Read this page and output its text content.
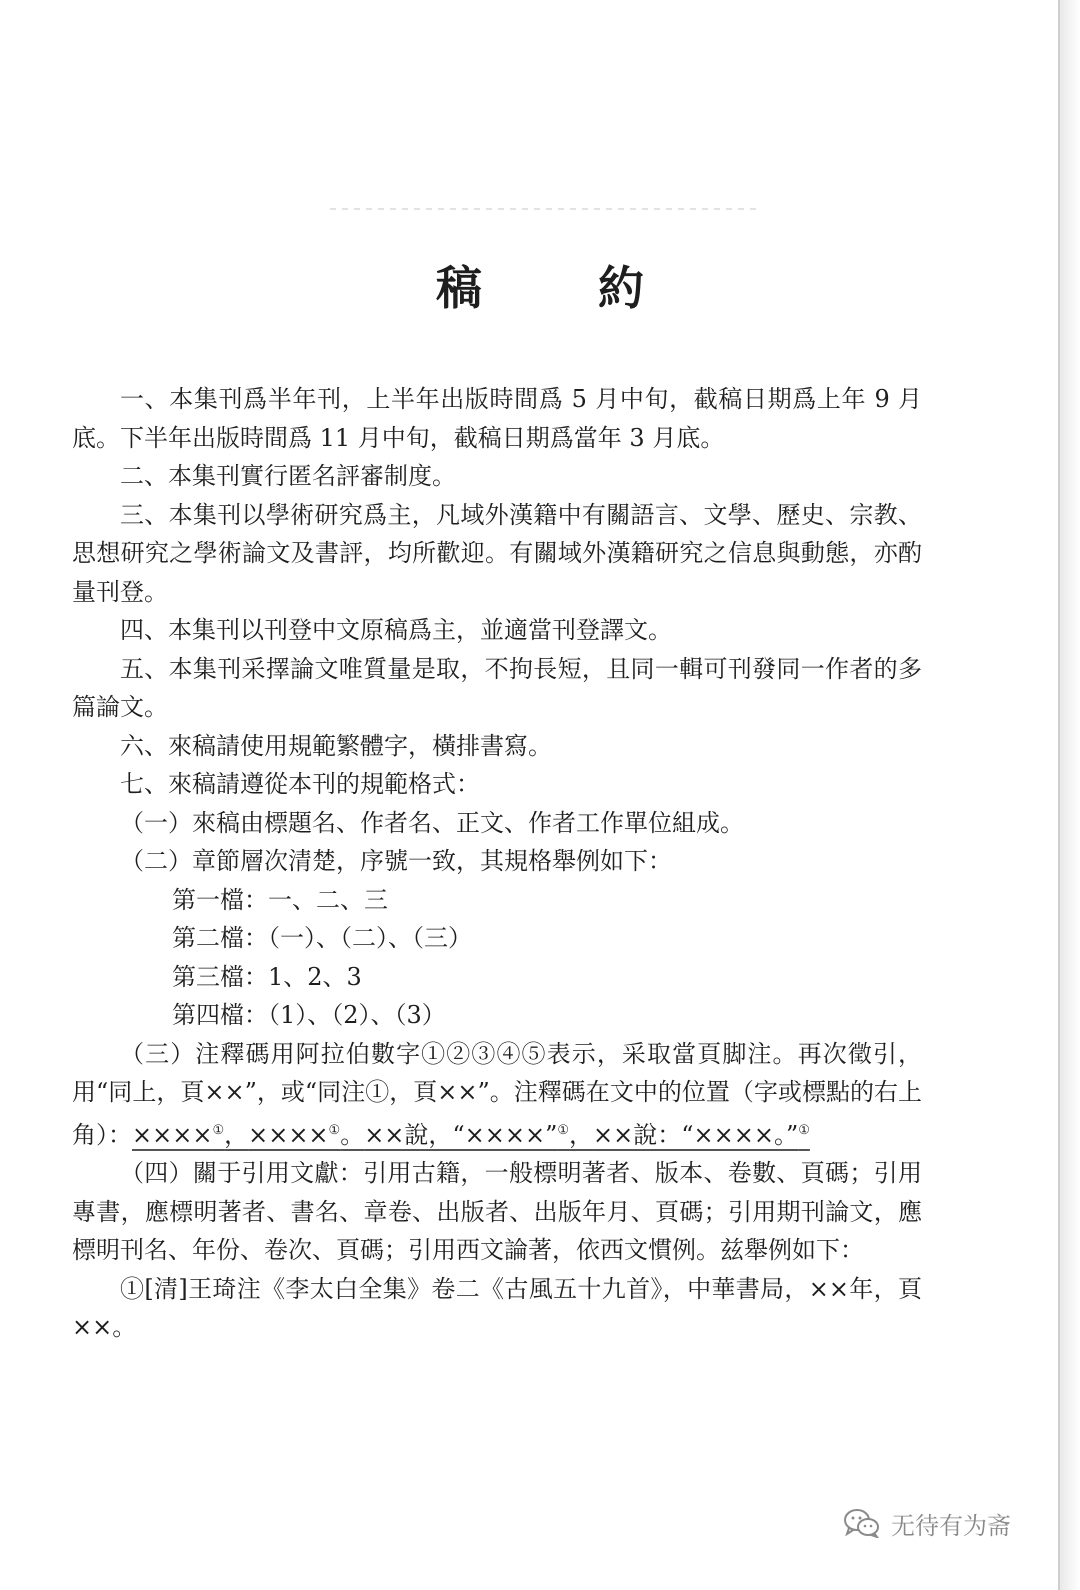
稿 約

一、本集刊爲半年刊，上半年出版時間爲 5 月中旬，截稿日期爲上年 9 月底。下半年出版時間爲 11 月中旬，截稿日期爲當年 3 月底。

二、本集刊實行匿名評審制度。

三、本集刊以學術研究爲主，凡域外漢籍中有關語言、文學、歷史、宗教、思想研究之學術論文及書評，均所歡迎。有關域外漢籍研究之信息與動態，亦酌量刊登。

四、本集刊以刊登中文原稿爲主，並適當刊登譯文。

五、本集刊采擇論文唯質量是取，不拘長短，且同一輯可刊發同一作者的多篇論文。

六、來稿請使用規範繁體字，橫排書寫。

七、來稿請遵從本刊的規範格式：

（一）來稿由標題名、作者名、正文、作者工作單位組成。

（二）章節層次清楚，序號一致，其規格舉例如下：

第一檔：一、二、三

第二檔：（一）、（二）、（三）

第三檔：1、2、3

第四檔：（1）、（2）、（3）

（三）注釋碼用阿拉伯數字①②③④⑤表示，采取當頁脚注。再次徵引，用“同上，頁××”，或“同注①，頁××”。注釋碼在文中的位置（字或標點的右上角）：××××①，××××①。××說，“××××”①，××說：“××××。”①

（四）關于引用文獻：引用古籍，一般標明著者、版本、卷數、頁碼；引用專書，應標明著者、書名、章卷、出版者、出版年月、頁碼；引用期刊論文，應標明刊名、年份、卷次、頁碼；引用西文論著，依西文慣例。兹舉例如下：

①[清]王琦注《李太白全集》卷二《古風五十九首》，中華書局，××年，頁××。

无待有为斋
